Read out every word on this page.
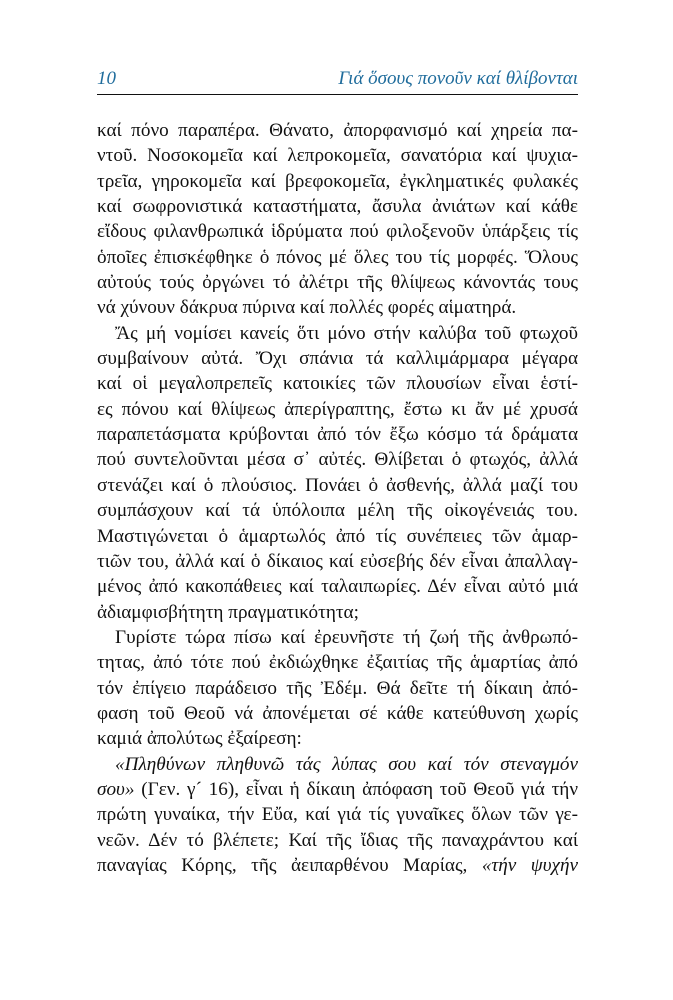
10	Γιά ὅσους πονοῦν καί θλίβονται
καί πόνο παραπέρα. Θάνατο, ἀπορφανισμό καί χηρεία πα-
ντοῦ. Νοσοκομεῖα καί λεπροκομεῖα, σανατόρια καί ψυχια-
τρεῖα, γηροκομεῖα καί βρεφοκομεῖα, ἐγκληματικές φυλακές
καί σωφρονιστικά καταστήματα, ἄσυλα ἀνιάτων καί κάθε
εἴδους φιλανθρωπικά ἱδρύματα πού φιλοξενοῦν ὑπάρξεις τίς
ὁποῖες ἐπισκέφθηκε ὁ πόνος μέ ὅλες του τίς μορφές. Ὅλους
αὐτούς τούς ὀργώνει τό ἀλέτρι τῆς θλίψεως κάνοντάς τους
νά χύνουν δάκρυα πύρινα καί πολλές φορές αἱματηρά.
Ἄς μή νομίσει κανείς ὅτι μόνο στήν καλύβα τοῦ φτωχοῦ
συμβαίνουν αὐτά. Ὄχι σπάνια τά καλλιμάρμαρα μέγαρα
καί οἱ μεγαλοπρεπεῖς κατοικίες τῶν πλουσίων εἶναι ἑστί-
ες πόνου καί θλίψεως ἀπερίγραπτης, ἔστω κι ἄν μέ χρυσά
παραπετάσματα κρύβονται ἀπό τόν ἔξω κόσμο τά δράματα
πού συντελοῦνται μέσα σ᾽ αὐτές. Θλίβεται ὁ φτωχός, ἀλλά
στενάζει καί ὁ πλούσιος. Πονάει ὁ ἀσθενής, ἀλλά μαζί του
συμπάσχουν καί τά ὑπόλοιπα μέλη τῆς οἰκογένειάς του.
Μαστιγώνεται ὁ ἁμαρτωλός ἀπό τίς συνέπειες τῶν ἁμαρ-
τιῶν του, ἀλλά καί ὁ δίκαιος καί εὐσεβής δέν εἶναι ἀπαλλαγ-
μένος ἀπό κακοπάθειες καί ταλαιπωρίες. Δέν εἶναι αὐτό μιά
ἀδιαμφισβήτητη πραγματικότητα;
Γυρίστε τώρα πίσω καί ἐρευνῆστε τή ζωή τῆς ἀνθρωπό-
τητας, ἀπό τότε πού ἐκδιώχθηκε ἐξαιτίας τῆς ἁμαρτίας ἀπό
τόν ἐπίγειο παράδεισο τῆς Ἐδέμ. Θά δεῖτε τή δίκαιη ἀπό-
φαση τοῦ Θεοῦ νά ἀπονέμεται σέ κάθε κατεύθυνση χωρίς
καμιά ἀπολύτως ἐξαίρεση:
«Πληθύνων πληθυνῶ τάς λύπας σου καί τόν στεναγμόν
σου» (Γεν. γ´ 16), εἶναι ἡ δίκαιη ἀπόφαση τοῦ Θεοῦ γιά τήν
πρώτη γυναίκα, τήν Εὔα, καί γιά τίς γυναῖκες ὅλων τῶν γε-
νεῶν. Δέν τό βλέπετε; Καί τῆς ἴδιας τῆς παναχράντου καί
παναγίας Κόρης, τῆς ἀειπαρθένου Μαρίας, «τήν ψυχήν
